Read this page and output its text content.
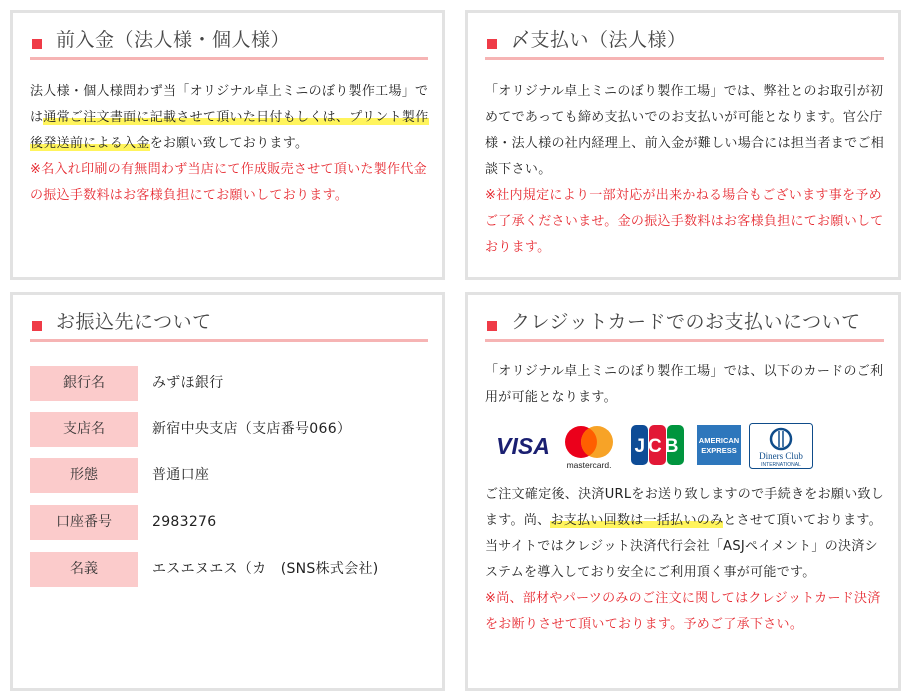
前入金（法人様・個人様）
法人様・個人様問わず当「オリジナル卓上ミニのぼり製作工場」では通常ご注文書面に記載させて頂いた日付もしくは、プリント製作後発送前による入金をお願い致しております。
※名入れ印刷の有無問わず当店にて作成販売させて頂いた製作代金の振込手数料はお客様負担にてお願いしております。
〆支払い（法人様）
「オリジナル卓上ミニのぼり製作工場」では、弊社とのお取引が初めてであっても締め支払いでのお支払いが可能となります。官公庁様・法人様の社内経理上、前入金が難しい場合には担当者までご相談下さい。
※社内規定により一部対応が出来かねる場合もございます事を予めご了承くださいませ。金の振込手数料はお客様負担にてお願いしております。
お振込先について
銀行名	みずほ銀行
支店名	新宿中央支店（支店番号066）
形態	普通口座
口座番号	2983276
名義	エスエヌエス（カ　(SNS株式会社)
クレジットカードでのお支払いについて
「オリジナル卓上ミニのぼり製作工場」では、以下のカードのご利用が可能となります。
VISA
mastercard.
JCB AMERICAN
EXPRESS
Diners Club
INTERNATIONAL
ご注文確定後、決済URLをお送り致しますので手続きをお願い致します。尚、お支払い回数は一括払いのみとさせて頂いております。
当サイトではクレジット決済代行会社「ASJペイメント」の決済システムを導入しており安全にご利用頂く事が可能です。
※尚、部材やパーツのみのご注文に関してはクレジットカード決済をお断りさせて頂いております。予めご了承下さい。
